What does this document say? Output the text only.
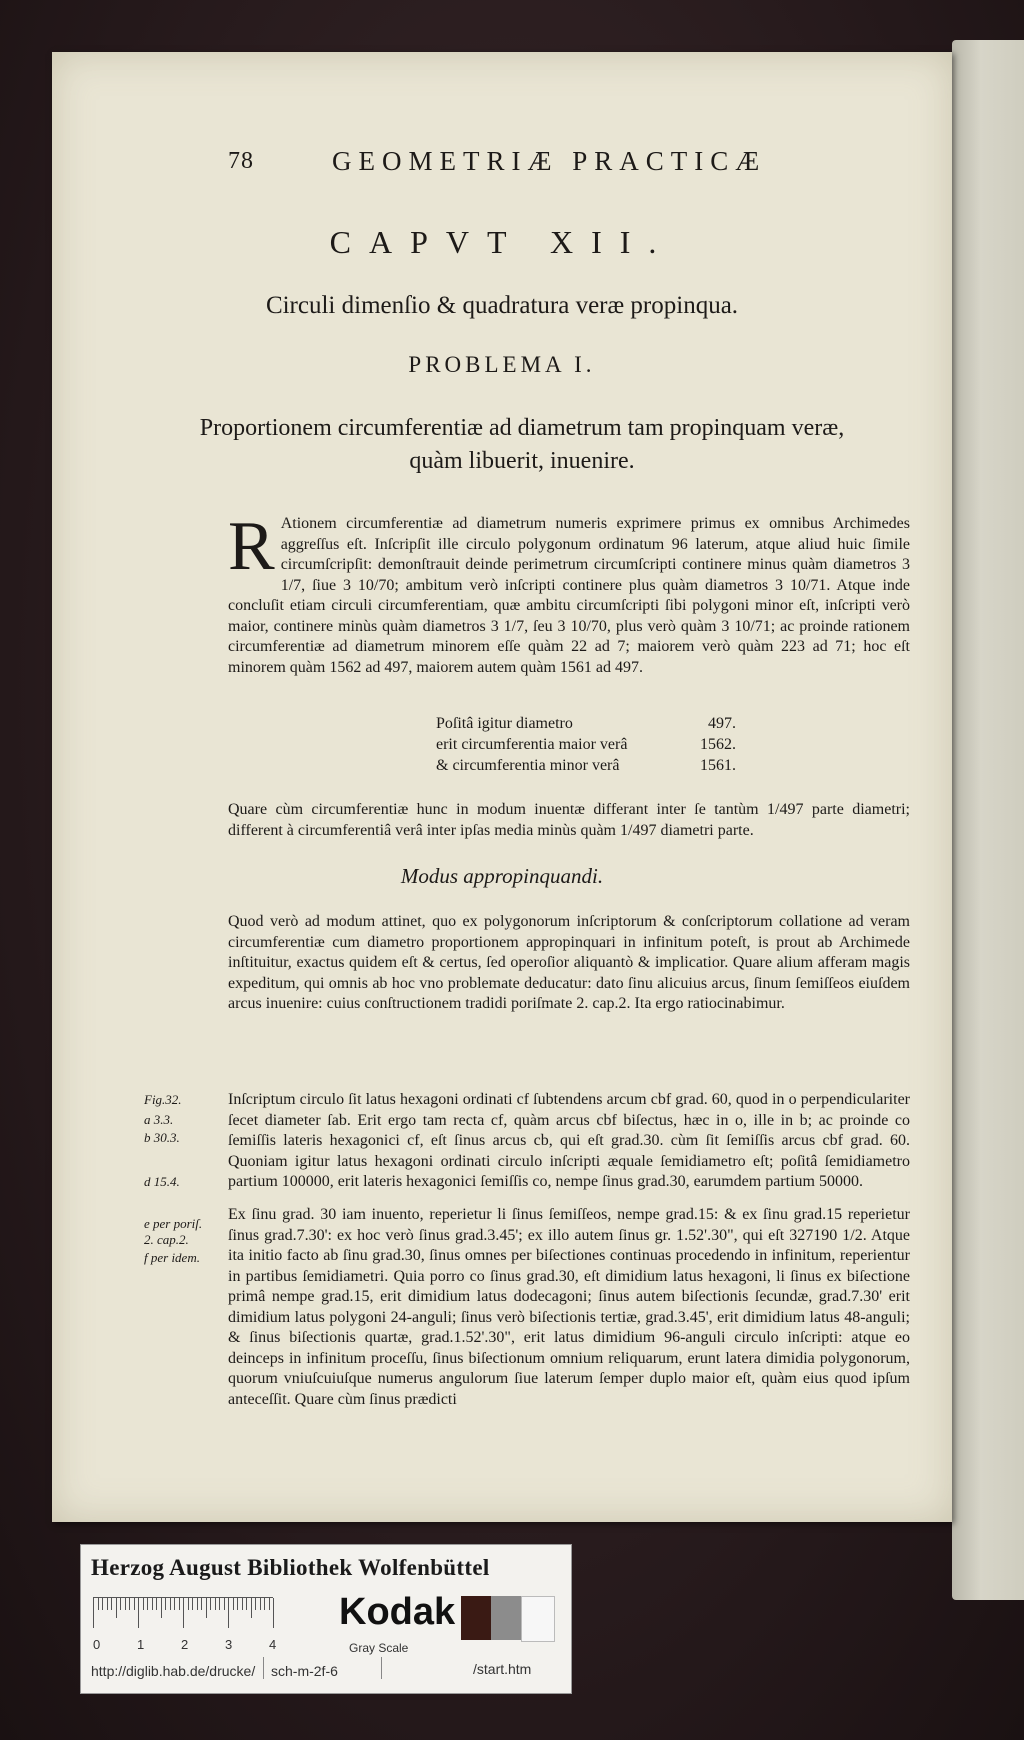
78	GEOMETRIÆ PRACTICÆ
CAPVT XII.
Circuli dimenſio & quadratura veræ propinqua.
PROBLEMA I.
Proportionem circumferentiæ ad diametrum tam propinquam veræ, quàm libuerit, inuenire.
R Ationem circumferentiæ ad diametrum numeris exprimere primus ex omnibus Archimedes aggreſſus eſt. Inſcripſit ille circulo polygonum ordinatum 96 laterum, atque aliud huic ſimile circumſcripſit: demonſtrauit deinde perimetrum circumſcripti continere minus quàm diametros 3 1/7, ſiue 3 10/70; ambitum verò inſcripti continere plus quàm diametros 3 10/71. Atque inde concluſit etiam circuli circumferentiam, quæ ambitu circumſcripti ſibi polygoni minor eſt, inſcripti verò maior, continere minùs quàm diametros 3 1/7, ſeu 3 10/70, plus verò quàm 3 10/71; ac proinde rationem circumferentiæ ad diametrum minorem eſſe quàm 22 ad 7; maiorem verò quàm 223 ad 71; hoc eſt minorem quàm 1562 ad 497, maiorem autem quàm 1561 ad 497.
Poſitâ igitur diametro	497.
erit circumferentia maior verâ	1562.
& circumferentia minor verâ	1561.
Quare cùm circumferentiæ hunc in modum inuentæ differant inter ſe tantùm 1/497 parte diametri; different à circumferentiâ verâ inter ipſas media minùs quàm 1/497 diametri parte.
Modus appropinquandi.
Quod verò ad modum attinet, quo ex polygonorum inſcriptorum & conſcriptorum collatione ad veram circumferentiæ cum diametro proportionem appropinquari in infinitum poteſt, is prout ab Archimede inſtituitur, exactus quidem eſt & certus, ſed operoſior aliquantò & implicatior. Quare alium afferam magis expeditum, qui omnis ab hoc vno problemate deducatur: dato ſinu alicuius arcus, ſinum ſemiſſeos eiuſdem arcus inuenire: cuius conſtructionem tradidi poriſmate 2. cap.2. Ita ergo ratiocinabimur.
Fig.32.
a 3.3.
b 30.3.
d 15.4.
e per poriſ. 2. cap.2.
f per idem.
Inſcriptum circulo ſit latus hexagoni ordinati cf ſubtendens arcum cbf grad. 60, quod in o perpendiculariter ſecet diameter ſab. Erit ergo tam recta cf, quàm arcus cbf biſectus, hæc in o, ille in b; ac proinde co ſemiſſis lateris hexagonici cf, eſt ſinus arcus cb, qui eſt grad.30. cùm ſit ſemiſſis arcus cbf grad. 60. Quoniam igitur latus hexagoni ordinati circulo inſcripti æquale ſemidiametro eſt; poſitâ ſemidiametro partium 100000, erit lateris hexagonici ſemiſſis co, nempe ſinus grad.30, earumdem partium 50000.
Ex ſinu grad. 30 iam inuento, reperietur li ſinus ſemiſſeos, nempe grad.15: & ex ſinu grad.15 reperietur ſinus grad.7.30': ex hoc verò ſinus grad.3.45'; ex illo autem ſinus gr. 1.52'.30", qui eſt 327190 1/2. Atque ita initio facto ab ſinu grad.30, ſinus omnes per biſectiones continuas procedendo in infinitum, reperientur in partibus ſemidiametri. Quia porro co ſinus grad.30, eſt dimidium latus hexagoni, li ſinus ex biſectione primâ nempe grad.15, erit dimidium latus dodecagoni; ſinus autem biſectionis ſecundæ, grad.7.30' erit dimidium latus polygoni 24-anguli; ſinus verò biſectionis tertiæ, grad.3.45', erit dimidium latus 48-anguli; & ſinus biſectionis quartæ, grad.1.52'.30", erit latus dimidium 96-anguli circulo inſcripti: atque eo deinceps in infinitum proceſſu, ſinus biſectionum omnium reliquarum, erunt latera dimidia polygonorum, quorum vniuſcuiuſque numerus angulorum ſiue laterum ſemper duplo maior eſt, quàm eius quod ipſum anteceſſit. Quare cùm ſinus prædicti
Herzog August Bibliothek Wolfenbüttel
0	1	2	3	4
Kodak
Gray Scale
http://diglib.hab.de/drucke/ sch-m-2f-6	/start.htm
